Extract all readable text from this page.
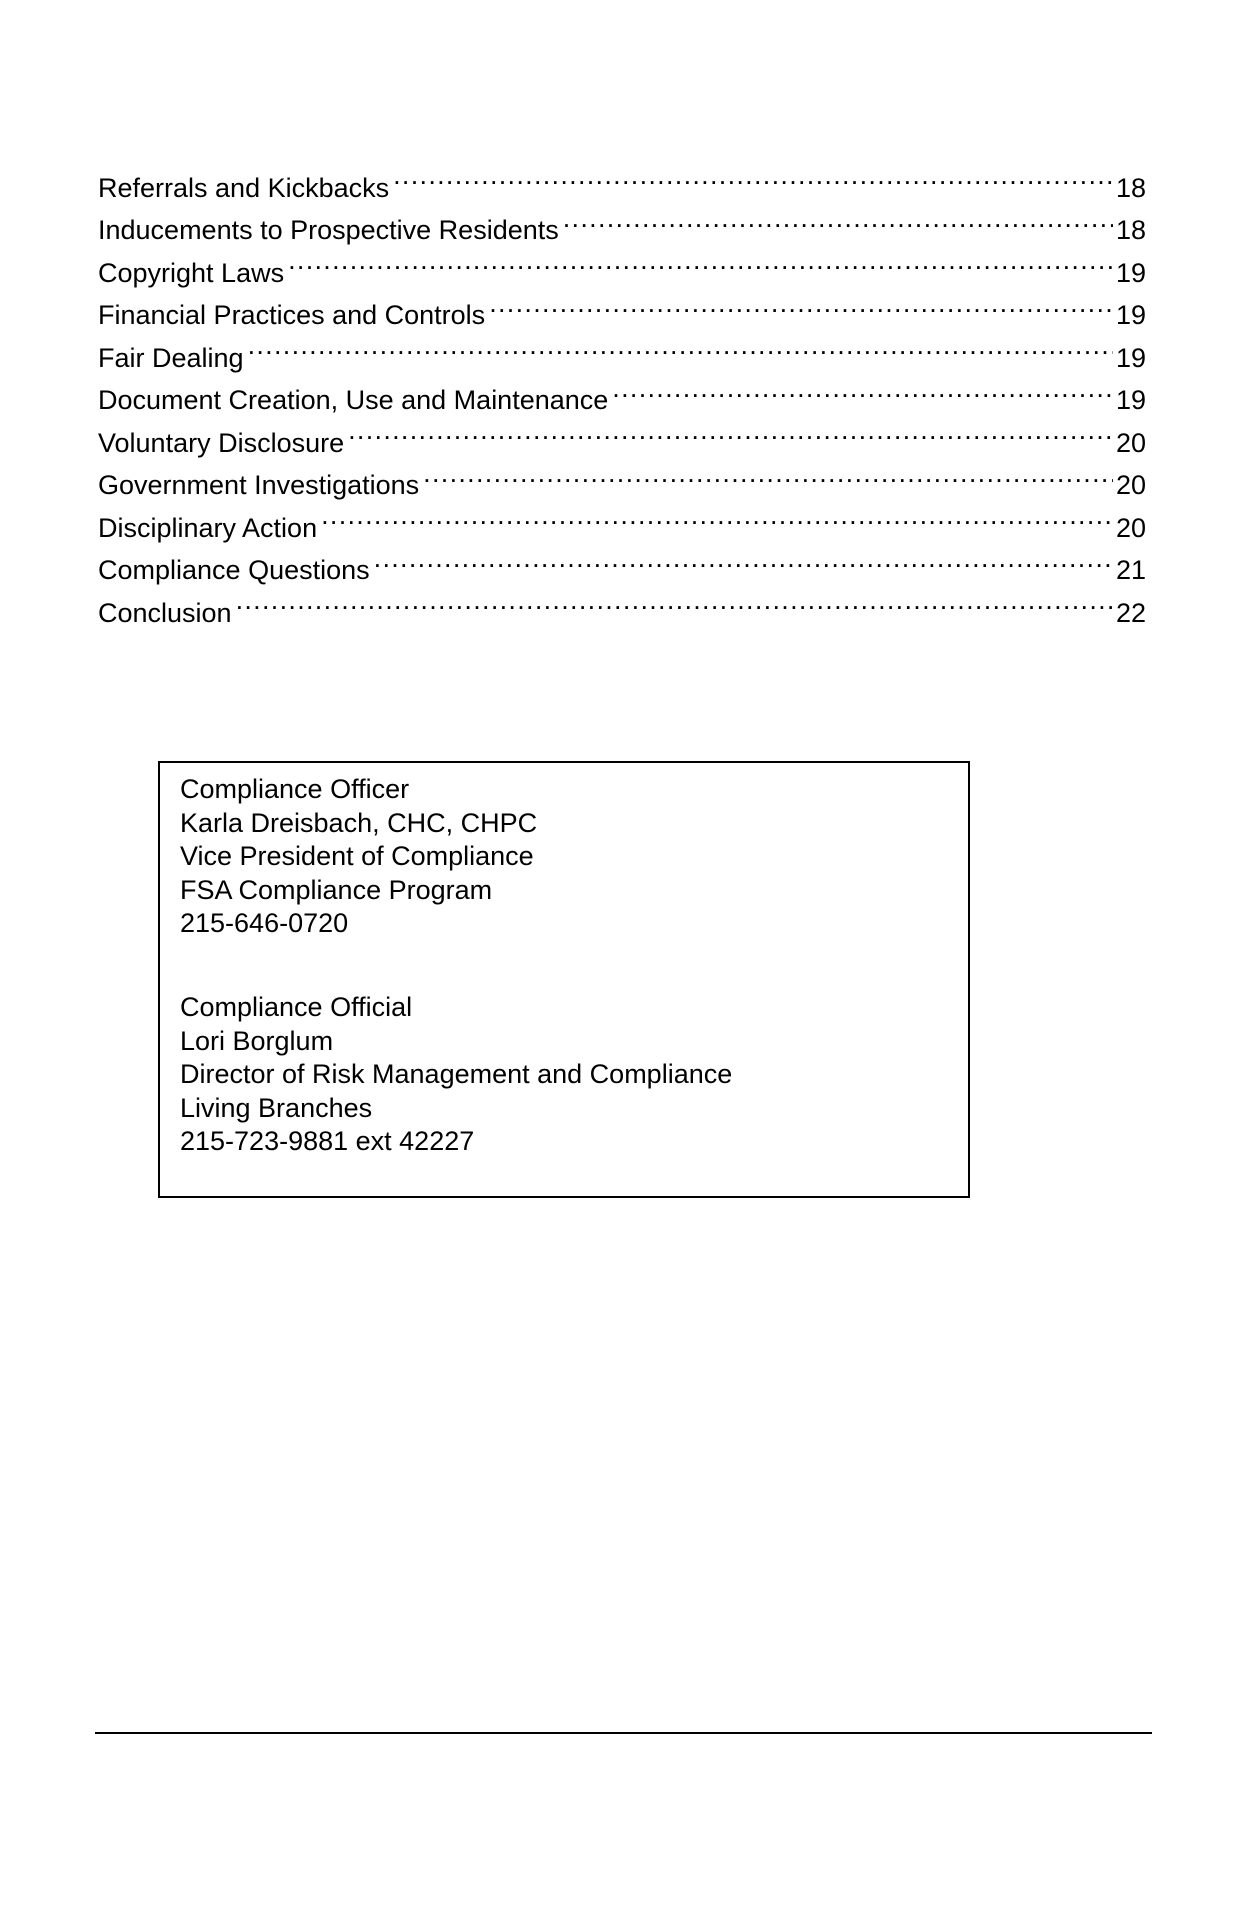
Referrals and Kickbacks .....	18
Inducements to Prospective Residents .....	18
Copyright Laws .....	19
Financial Practices and Controls .....	19
Fair Dealing .....	19
Document Creation, Use and Maintenance .....	19
Voluntary Disclosure .....	20
Government Investigations .....	20
Disciplinary Action .....	20
Compliance Questions .....	21
Conclusion .....	22
Compliance Officer
Karla Dreisbach, CHC, CHPC
Vice President of Compliance
FSA Compliance Program
215-646-0720
Compliance Official
Lori Borglum
Director of Risk Management and Compliance
Living Branches
215-723-9881 ext 42227
